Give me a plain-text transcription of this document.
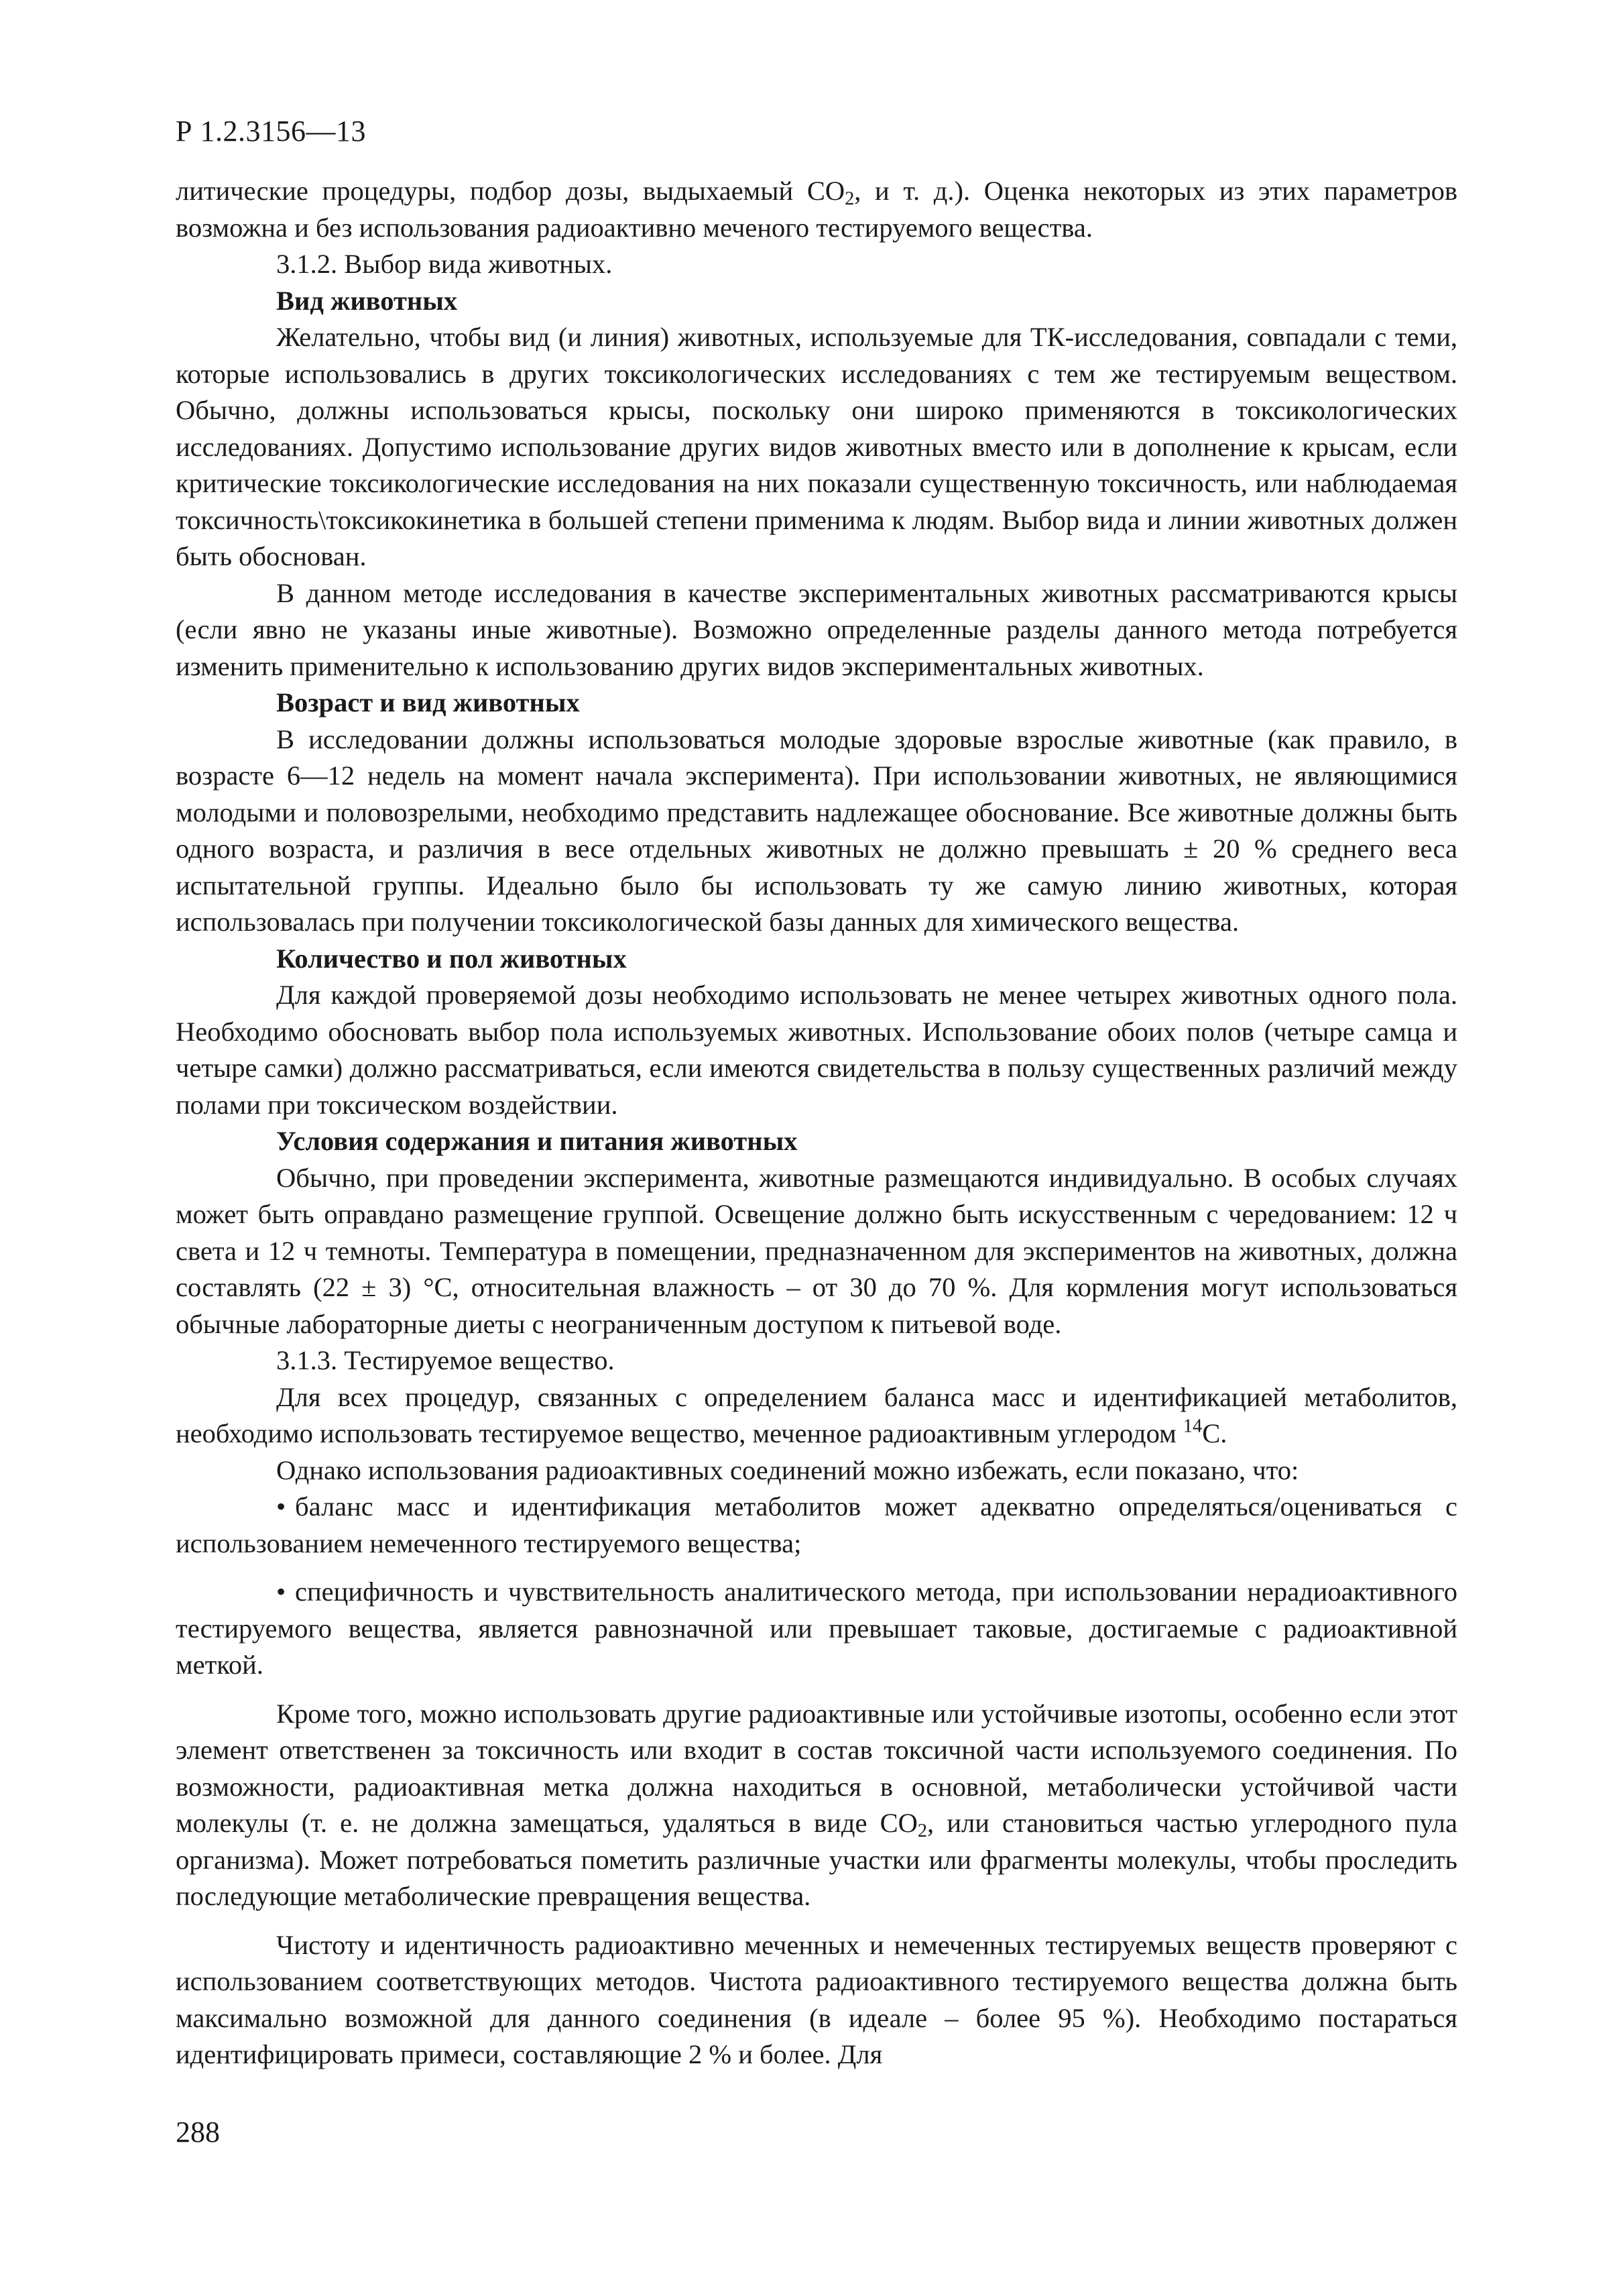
Р 1.2.3156—13

литические процедуры, подбор дозы, выдыхаемый $CO_2$, и т. д.). Оценка некоторых из этих параметров возможна и без использования радиоактивно меченого тестируемого вещества.

3.1.2. Выбор вида животных.

Вид животных

Желательно, чтобы вид (и линия) животных, используемые для ТК-исследования, совпадали с теми, которые использовались в других токсикологических исследованиях с тем же тестируемым веществом. Обычно, должны использоваться крысы, поскольку они широко применяются в токсикологических исследованиях. Допустимо использование других видов животных вместо или в дополнение к крысам, если критические токсикологические исследования на них показали существенную токсичность, или наблюдаемая токсичность\токсикокинетика в большей степени применима к людям. Выбор вида и линии животных должен быть обоснован.

В данном методе исследования в качестве экспериментальных животных рассматриваются крысы (если явно не указаны иные животные). Возможно определенные разделы данного метода потребуется изменить применительно к использованию других видов экспериментальных животных.

Возраст и вид животных

В исследовании должны использоваться молодые здоровые взрослые животные (как правило, в возрасте 6—12 недель на момент начала эксперимента). При использовании животных, не являющимися молодыми и половозрелыми, необходимо представить надлежащее обоснование. Все животные должны быть одного возраста, и различия в весе отдельных животных не должно превышать ± 20 % среднего веса испытательной группы. Идеально было бы использовать ту же самую линию животных, которая использовалась при получении токсикологической базы данных для химического вещества.

Количество и пол животных

Для каждой проверяемой дозы необходимо использовать не менее четырех животных одного пола. Необходимо обосновать выбор пола используемых животных. Использование обоих полов (четыре самца и четыре самки) должно рассматриваться, если имеются свидетельства в пользу существенных различий между полами при токсическом воздействии.

Условия содержания и питания животных

Обычно, при проведении эксперимента, животные размещаются индивидуально. В особых случаях может быть оправдано размещение группой. Освещение должно быть искусственным с чередованием: 12 ч света и 12 ч темноты. Температура в помещении, предназначенном для экспериментов на животных, должна составлять (22 ± 3) °С, относительная влажность – от 30 до 70 %. Для кормления могут использоваться обычные лабораторные диеты с неограниченным доступом к питьевой воде.

3.1.3. Тестируемое вещество.

Для всех процедур, связанных с определением баланса масс и идентификацией метаболитов, необходимо использовать тестируемое вещество, меченное радиоактивным углеродом $^{14}$С.

Однако использования радиоактивных соединений можно избежать, если показано, что:

• баланс масс и идентификация метаболитов может адекватно определяться/оцениваться с использованием немеченного тестируемого вещества;

• специфичность и чувствительность аналитического метода, при использовании нерадиоактивного тестируемого вещества, является равнозначной или превышает таковые, достигаемые с радиоактивной меткой.

Кроме того, можно использовать другие радиоактивные или устойчивые изотопы, особенно если этот элемент ответственен за токсичность или входит в состав токсичной части используемого соединения. По возможности, радиоактивная метка должна находиться в основной, метаболически устойчивой части молекулы (т. е. не должна замещаться, удаляться в виде $CO_2$, или становиться частью углеродного пула организма). Может потребоваться пометить различные участки или фрагменты молекулы, чтобы проследить последующие метаболические превращения вещества.

Чистоту и идентичность радиоактивно меченных и немеченных тестируемых веществ проверяют с использованием соответствующих методов. Чистота радиоактивного тестируемого вещества должна быть максимально возможной для данного соединения (в идеале – более 95 %). Необходимо постараться идентифицировать примеси, составляющие 2 % и более. Для

288
